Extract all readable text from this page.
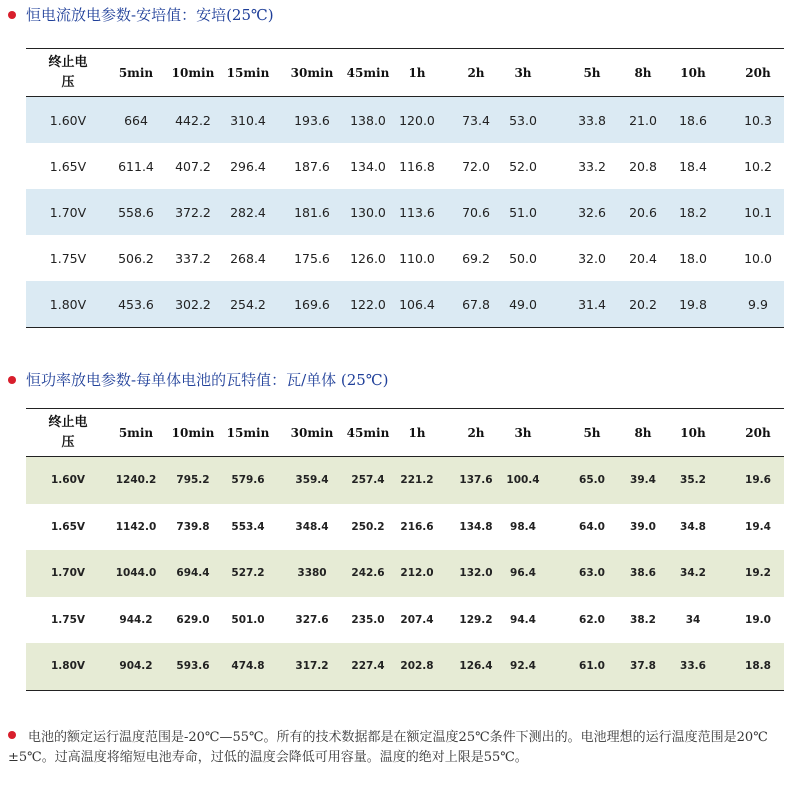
恒电流放电参数-安培值：安培(25℃)
终止电压
5min 10min 15min 30min 45min 1h	2h 3h	5h	8h 10h	20h
1.60V	664 442.2 310.4 193.6 138.0 120.0 73.4 53.0	33.8 21.0 18.6	10.3
1.65V	611.4 407.2 296.4 187.6 134.0 116.8 72.0 52.0	33.2 20.8 18.4	10.2
1.70V	558.6 372.2 282.4 181.6 130.0 113.6 70.6 51.0	32.6 20.6 18.2	10.1
1.75V	506.2 337.2 268.4 175.6 126.0 110.0 69.2 50.0	32.0 20.4 18.0	10.0
1.80V	453.6 302.2 254.2 169.6 122.0 106.4 67.8 49.0	31.4 20.2 19.8	9.9
恒功率放电参数-每单体电池的瓦特值：瓦/单体 (25℃)
终止电压
5min 10min 15min 30min 45min 1h	2h 3h	5h	8h 10h	20h
1.60V	1240.2 795.2 579.6	359.4 257.4 221.2 137.6 100.4	65.0 39.4 35.2	19.6
1.65V	1142.0 739.8 553.4	348.4 250.2 216.6 134.8 98.4	64.0 39.0 34.8	19.4
1.70V	1044.0 694.4 527.2	3380 242.6 212.0 132.0 96.4	63.0 38.6 34.2	19.2
1.75V	944.2 629.0 501.0	327.6 235.0 207.4 129.2 94.4	62.0 38.2	34	19.0
1.80V	904.2 593.6 474.8	317.2 227.4 202.8 126.4 92.4	61.0 37.8 33.6	18.8
电池的额定运行温度范围是-20℃—55℃。所有的技术数据都是在额定温度25℃条件下测出的。电池理想的运行温度范围是20℃±5℃。过高温度将缩短电池寿命，过低的温度会降低可用容量。温度的绝对上限是55℃。
